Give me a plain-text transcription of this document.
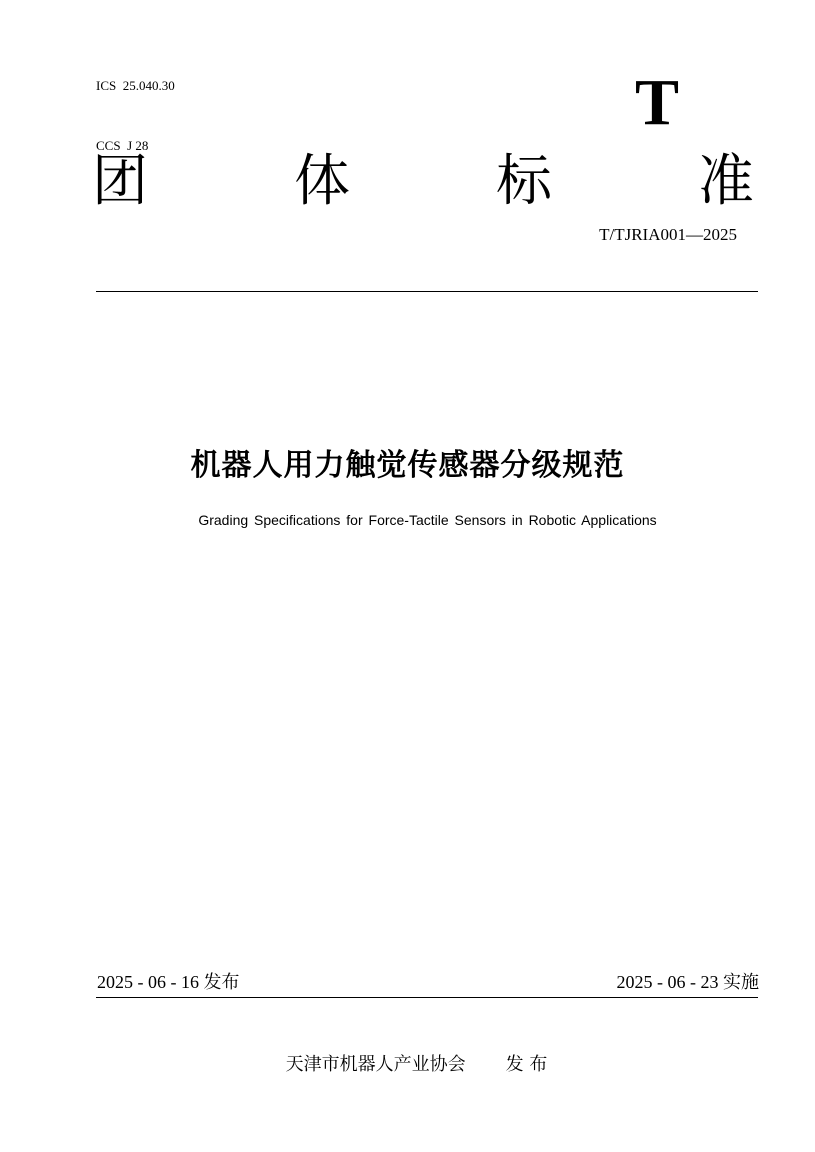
ICS  25.040.30

CCS  J 28

T
团	体	标	准
T/TJRIA001—2025
机器人用力触觉传感器分级规范
Grading Specifications for Force-Tactile Sensors in Robotic Applications
2025 - 06 - 16 发布	2025 - 06 - 23 实施
天津市机器人产业协会 发 布
